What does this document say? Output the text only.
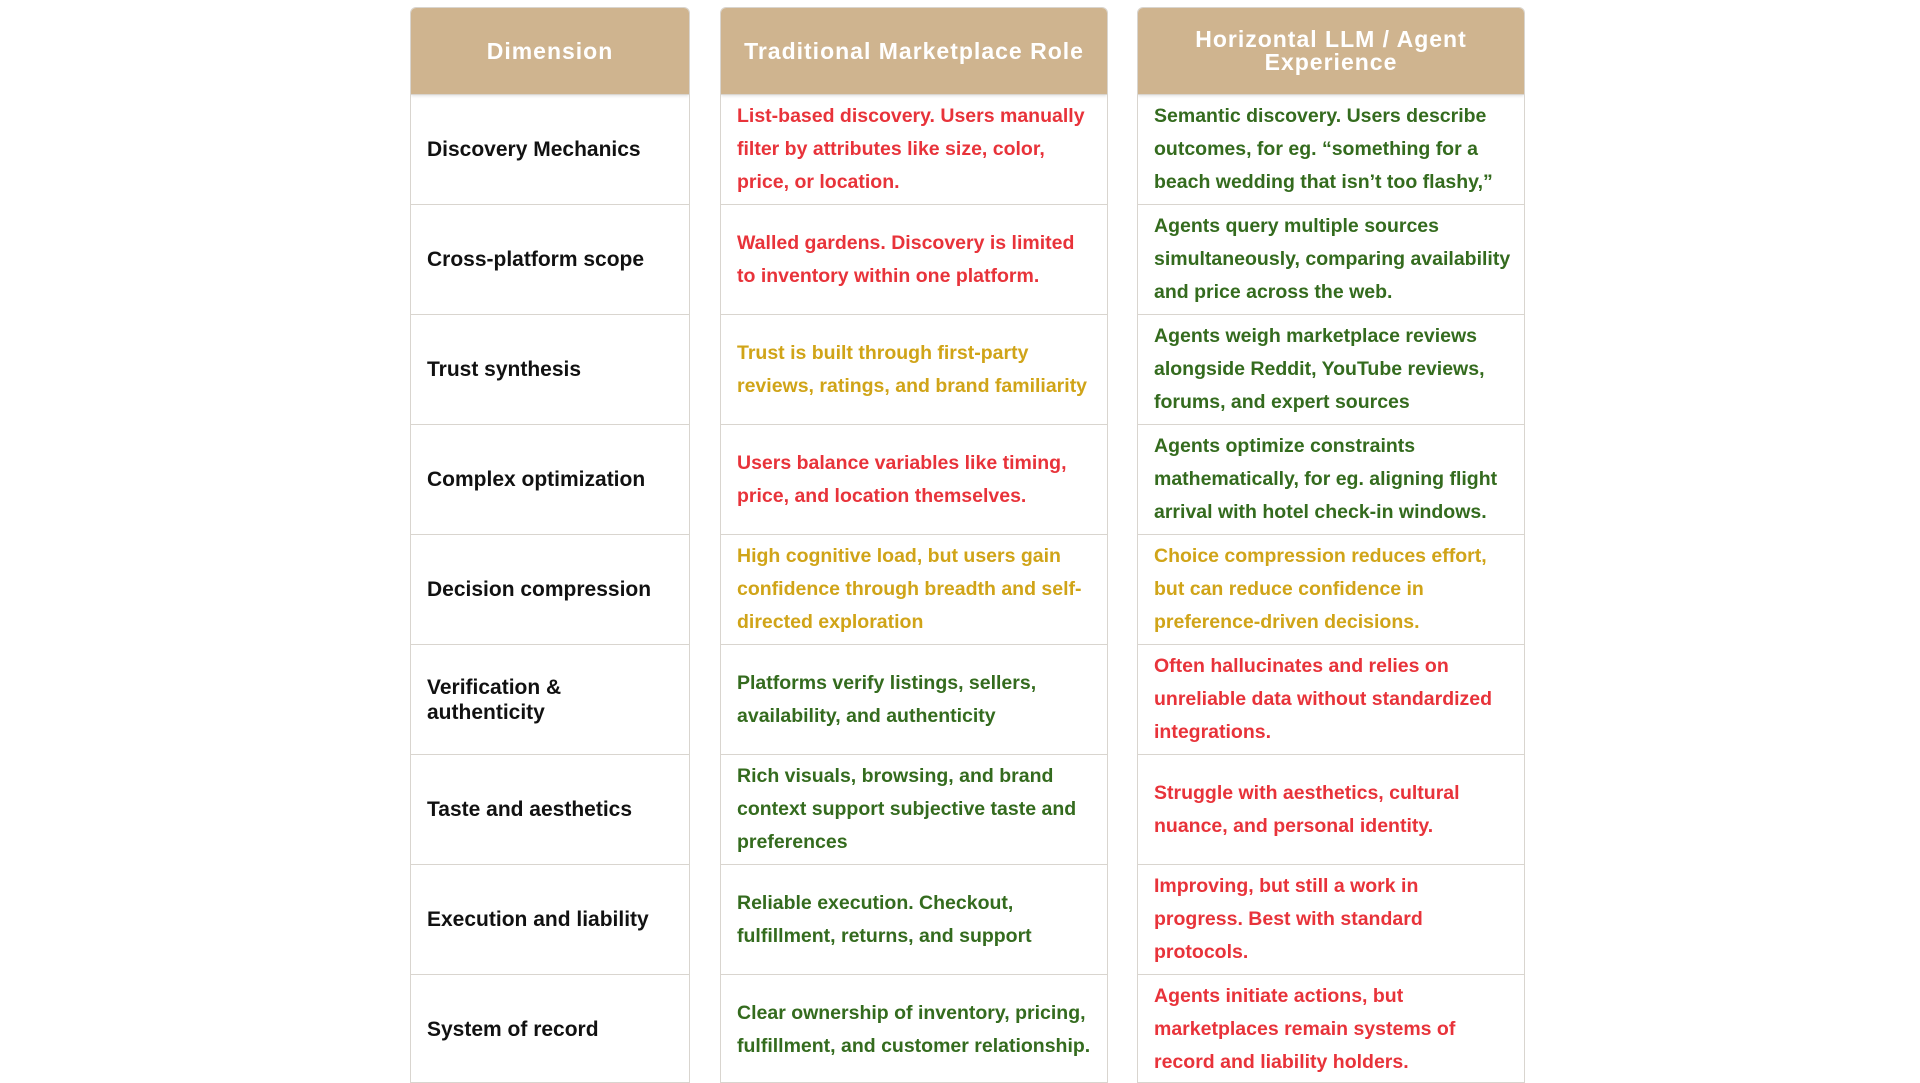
Dimension
Discovery Mechanics
Cross-platform scope
Trust synthesis
Complex optimization
Decision compression
Verification & authenticity
Taste and aesthetics
Execution and liability
System of record
Traditional Marketplace Role
List-based discovery. Users manually filter by attributes like size, color, price, or location.
Walled gardens. Discovery is limited to inventory within one platform.
Trust is built through first-party reviews, ratings, and brand familiarity
Users balance variables like timing, price, and location themselves.
High cognitive load, but users gain confidence through breadth and self-directed exploration
Platforms verify listings, sellers, availability, and authenticity
Rich visuals, browsing, and brand context support subjective taste and preferences
Reliable execution. Checkout, fulfillment, returns, and support
Clear ownership of inventory, pricing, fulfillment, and customer relationship.
Horizontal LLM / Agent Experience
Semantic discovery. Users describe outcomes, for eg. “something for a beach wedding that isn’t too flashy,”
Agents query multiple sources simultaneously, comparing availability and price across the web.
Agents weigh marketplace reviews alongside Reddit, YouTube reviews, forums, and expert sources
Agents optimize constraints mathematically, for eg. aligning flight arrival with hotel check-in windows.
Choice compression reduces effort, but can reduce confidence in preference-driven decisions.
Often hallucinates and relies on unreliable data without standardized integrations.
Struggle with aesthetics, cultural nuance, and personal identity.
Improving, but still a work in progress. Best with standard protocols.
Agents initiate actions, but marketplaces remain systems of record and liability holders.
